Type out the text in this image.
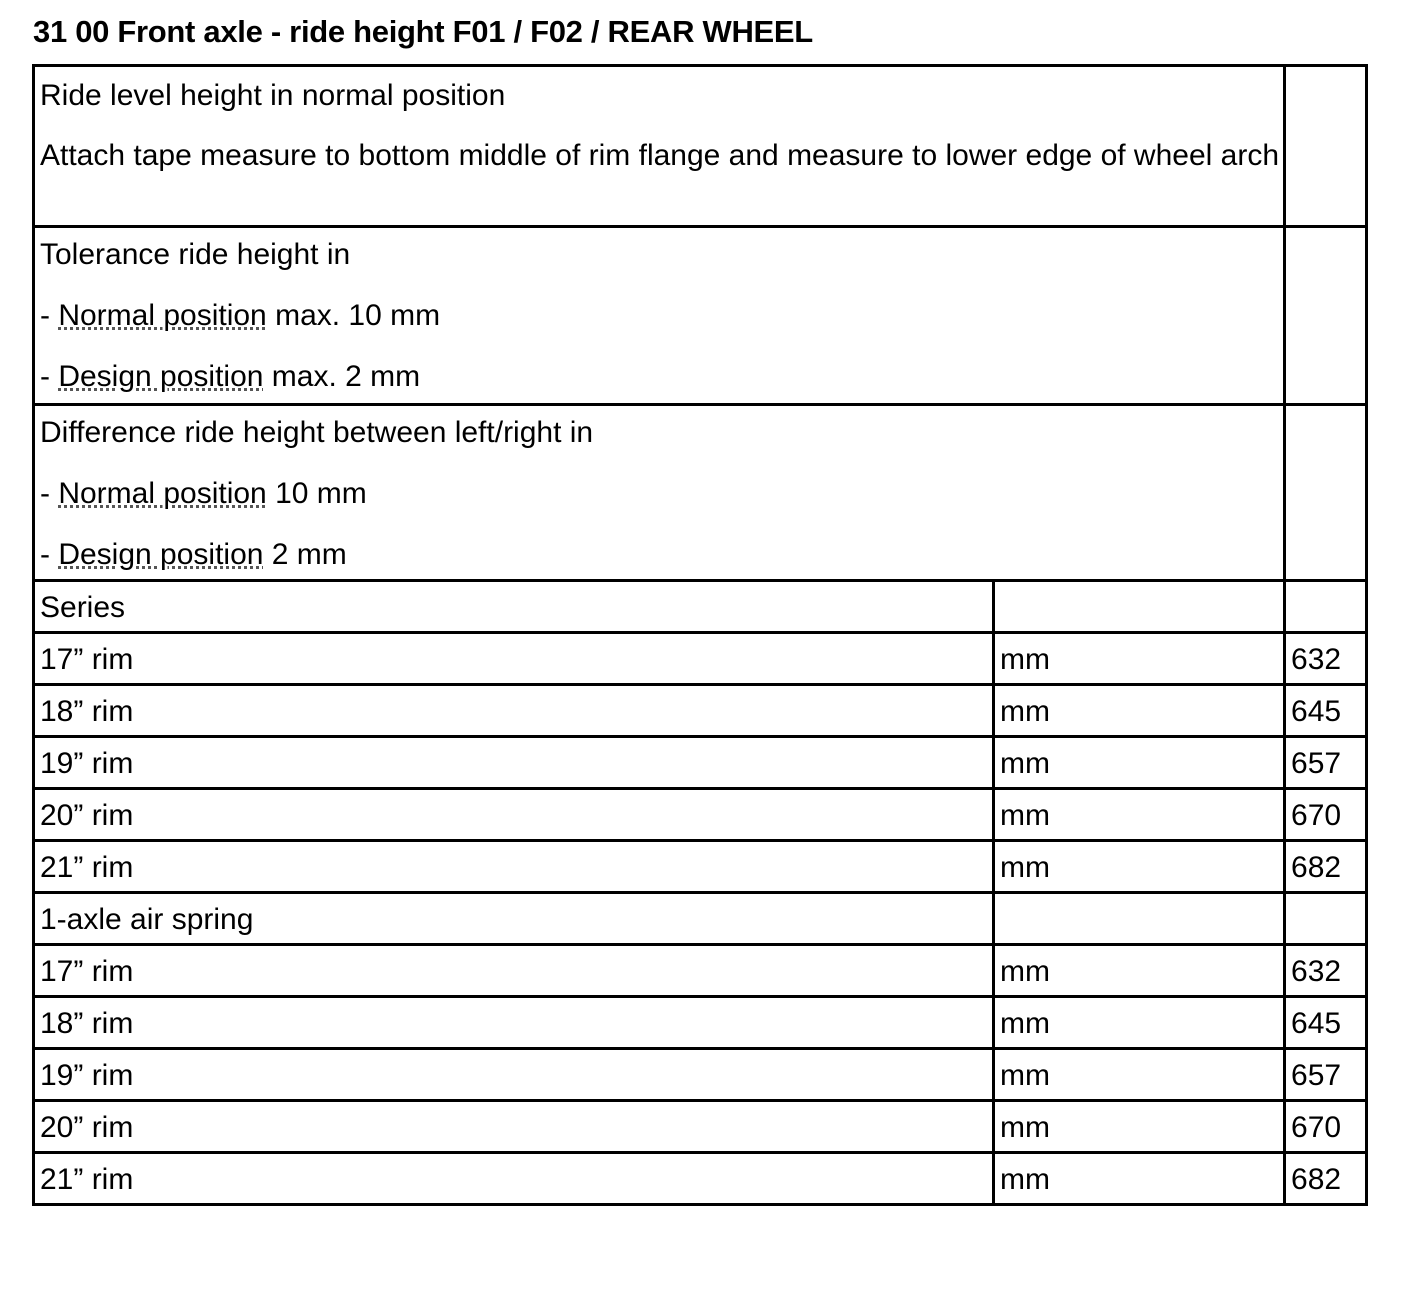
31 00 Front axle - ride height F01 / F02 / REAR WHEEL
Ride level height in normal position
Attach tape measure to bottom middle of rim flange and measure to lower edge of wheel arch		

Tolerance ride height in
- Normal position max. 10 mm
- Design position max. 2 mm		

Difference ride height between left/right in
- Normal position 10 mm
- Design position 2 mm		

Series		

17” rim	mm	632

18” rim	mm	645

19” rim	mm	657

20” rim	mm	670

21” rim	mm	682

1-axle air spring		

17” rim	mm	632

18” rim	mm	645

19” rim	mm	657

20” rim	mm	670

21” rim	mm	682
